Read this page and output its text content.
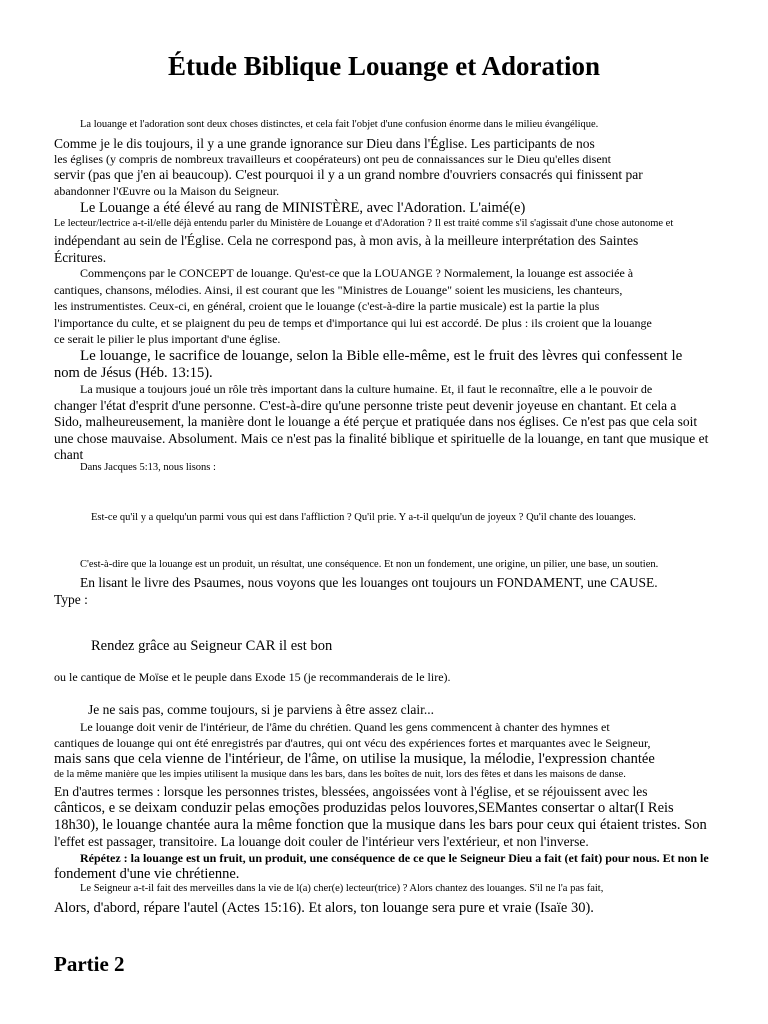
Étude Biblique Louange et Adoration
La louange et l'adoration sont deux choses distinctes, et cela fait l'objet d'une confusion énorme dans le milieu évangélique.
Comme je le dis toujours, il y a une grande ignorance sur Dieu dans l'Église. Les participants de nos
les églises (y compris de nombreux travailleurs et coopérateurs) ont peu de connaissances sur le Dieu qu'elles disent
servir (pas que j'en ai beaucoup). C'est pourquoi il y a un grand nombre d'ouvriers consacrés qui finissent par
abandonner l'Œuvre ou la Maison du Seigneur.
Le Louange a été élevé au rang de MINISTÈRE, avec l'Adoration. L'aimé(e)
Le lecteur/lectrice a-t-il/elle déjà entendu parler du Ministère de Louange et d'Adoration ? Il est traité comme s'il s'agissait d'une chose autonome et
indépendant au sein de l'Église. Cela ne correspond pas, à mon avis, à la meilleure interprétation des Saintes
Écritures.
Commençons par le CONCEPT de louange. Qu'est-ce que la LOUANGE ? Normalement, la louange est associée à
cantiques, chansons, mélodies. Ainsi, il est courant que les "Ministres de Louange" soient les musiciens, les chanteurs,
les instrumentistes. Ceux-ci, en général, croient que le louange (c'est-à-dire la partie musicale) est la partie la plus
l'importance du culte, et se plaignent du peu de temps et d'importance qui lui est accordé. De plus : ils croient que la louange
ce serait le pilier le plus important d'une église.
Le louange, le sacrifice de louange, selon la Bible elle-même, est le fruit des lèvres qui confessent le
nom de Jésus (Héb. 13:15).
La musique a toujours joué un rôle très important dans la culture humaine. Et, il faut le reconnaître, elle a le pouvoir de
changer l'état d'esprit d'une personne. C'est-à-dire qu'une personne triste peut devenir joyeuse en chantant. Et cela a
Sido, malheureusement, la manière dont le louange a été perçue et pratiquée dans nos églises. Ce n'est pas que cela soit
une chose mauvaise. Absolument. Mais ce n'est pas la finalité biblique et spirituelle de la louange, en tant que musique et
chant
Dans Jacques 5:13, nous lisons :
Est-ce qu'il y a quelqu'un parmi vous qui est dans l'affliction ? Qu'il prie. Y a-t-il quelqu'un de joyeux ? Qu'il chante des louanges.
C'est-à-dire que la louange est un produit, un résultat, une conséquence. Et non un fondement, une origine, un pilier, une base, un soutien.
En lisant le livre des Psaumes, nous voyons que les louanges ont toujours un FONDAMENT, une CAUSE.
Type :
Rendez grâce au Seigneur CAR il est bon
ou le cantique de Moïse et le peuple dans Exode 15 (je recommanderais de le lire).
Je ne sais pas, comme toujours, si je parviens à être assez clair...
Le louange doit venir de l'intérieur, de l'âme du chrétien. Quand les gens commencent à chanter des hymnes et
cantiques de louange qui ont été enregistrés par d'autres, qui ont vécu des expériences fortes et marquantes avec le Seigneur,
mais sans que cela vienne de l'intérieur, de l'âme, on utilise la musique, la mélodie, l'expression chantée
de la même manière que les impies utilisent la musique dans les bars, dans les boîtes de nuit, lors des fêtes et dans les maisons de danse.
En d'autres termes : lorsque les personnes tristes, blessées, angoissées vont à l'église, et se réjouissent avec les
cânticos, e se deixam conduzir pelas emoções produzidas pelos louvores,SEMantes consertar o altar(I Reis
18h30), le louange chantée aura la même fonction que la musique dans les bars pour ceux qui étaient tristes. Son
l'effet est passager, transitoire. La louange doit couler de l'intérieur vers l'extérieur, et non l'inverse.
Répétez : la louange est un fruit, un produit, une conséquence de ce que le Seigneur Dieu a fait (et fait) pour nous. Et non le
fondement d'une vie chrétienne.
Le Seigneur a-t-il fait des merveilles dans la vie de l(a) cher(e) lecteur(trice) ? Alors chantez des louanges. S'il ne l'a pas fait,
Alors, d'abord, répare l'autel (Actes 15:16). Et alors, ton louange sera pure et vraie (Isaïe 30).
Partie 2
